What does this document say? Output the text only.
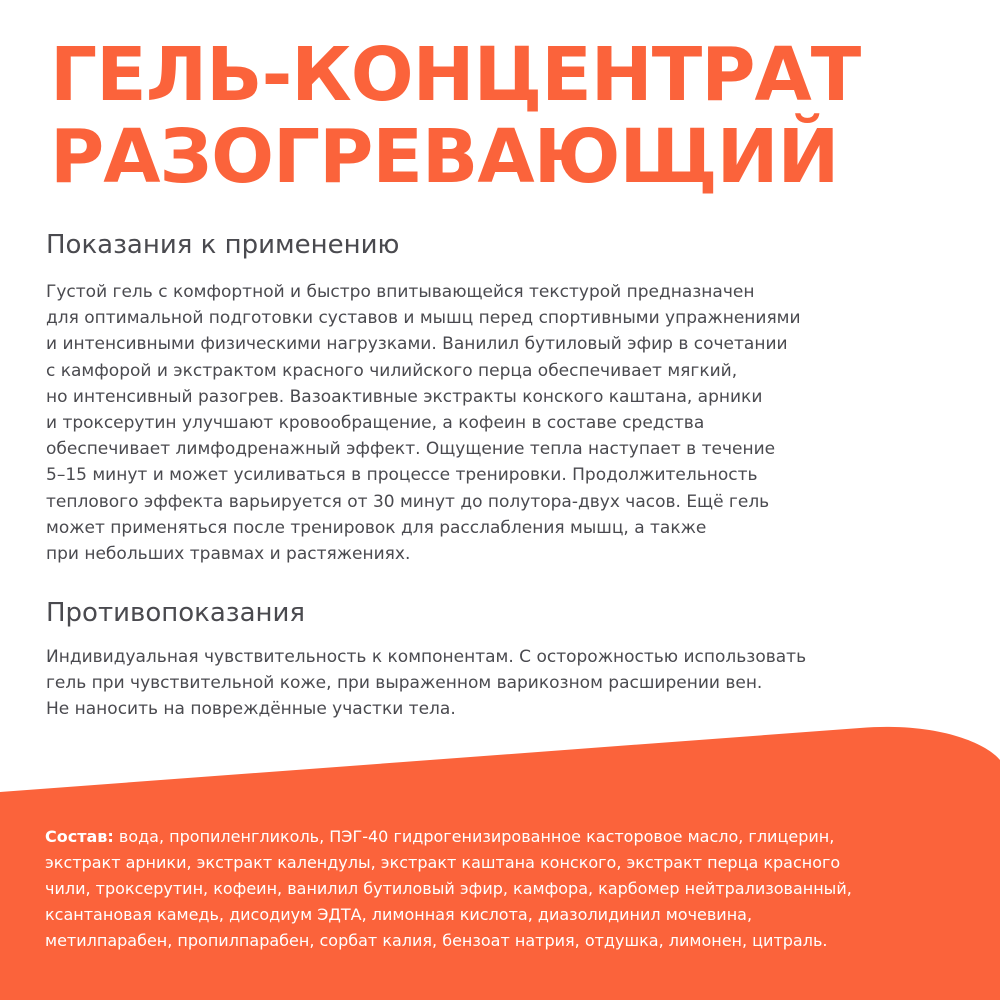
ГЕЛЬ-КОНЦЕНТРАТ
РАЗОГРЕВАЮЩИЙ
Показания к применению

Густой гель с комфортной и быстро впитывающейся текстурой предназначен
для оптимальной подготовки суставов и мышц перед спортивными упражнениями
и интенсивными физическими нагрузками. Ванилил бутиловый эфир в сочетании
с камфорой и экстрактом красного чилийского перца обеспечивает мягкий,
но интенсивный разогрев. Вазоактивные экстракты конского каштана, арники
и троксерутин улучшают кровообращение, а кофеин в составе средства
обеспечивает лимфодренажный эффект. Ощущение тепла наступает в течение
5–15 минут и может усиливаться в процессе тренировки. Продолжительность
теплового эффекта варьируется от 30 минут до полутора-двух часов. Ещё гель
может применяться после тренировок для расслабления мышц, а также
при небольших травмах и растяжениях.

Противопоказания

Индивидуальная чувствительность к компонентам. С осторожностью использовать
гель при чувствительной коже, при выраженном варикозном расширении вен.
Не наносить на повреждённые участки тела.

Состав: вода, пропиленгликоль, ПЭГ-40 гидрогенизированное касторовое масло, глицерин,
экстракт арники, экстракт календулы, экстракт каштана конского, экстракт перца красного
чили, троксерутин, кофеин, ванилил бутиловый эфир, камфора, карбомер нейтрализованный,
ксантановая камедь, дисодиум ЭДТА, лимонная кислота, диазолидинил мочевина,
метилпарабен, пропилпарабен, сорбат калия, бензоат натрия, отдушка, лимонен, цитраль.
